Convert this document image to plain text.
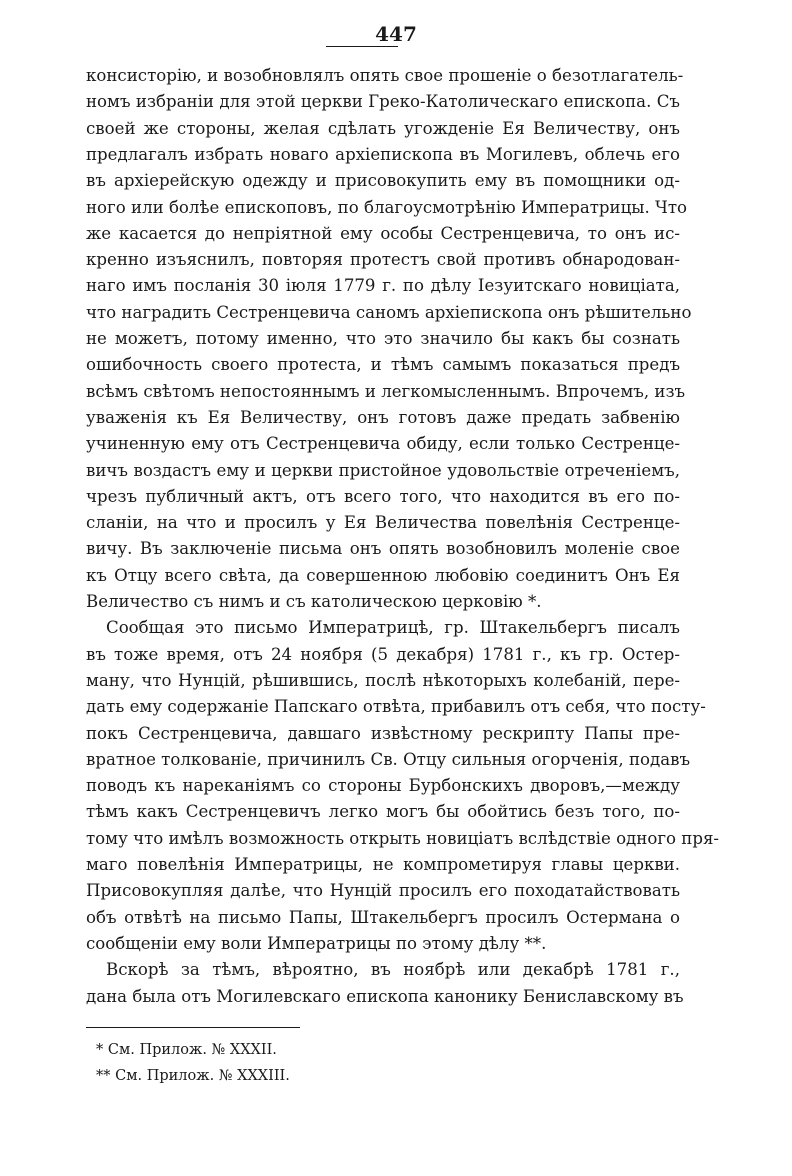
447
консисторію, и возобновлялъ опять свое прошеніе о безотлагатель-
номъ избраніи для этой церкви Греко-Католическаго епископа. Съ
своей же стороны, желая сдѣлать угожденіе Ея Величеству, онъ
предлагалъ избрать новаго архіепископа въ Могилевъ, облечь его
въ архіерейскую одежду и присовокупить ему въ помощники од-
ного или болѣе епископовъ, по благоусмотрѣнію Императрицы. Что
же касается до непріятной ему особы Сестренцевича, то онъ ис-
кренно изъяснилъ, повторяя протестъ свой противъ обнародован-
наго имъ посланія 30 іюля 1779 г. по дѣлу Іезуитскаго новиціата,
что наградить Сестренцевича саномъ архіепископа онъ рѣшительно
не можетъ, потому именно, что это значило бы какъ бы сознать
ошибочность своего протеста, и тѣмъ самымъ показаться предъ
всѣмъ свѣтомъ непостояннымъ и легкомысленнымъ. Впрочемъ, изъ
уваженія къ Ея Величеству, онъ готовъ даже предать забвенію
учиненную ему отъ Сестренцевича обиду, если только Сестренце-
вичъ воздастъ ему и церкви пристойное удовольствіе отреченіемъ,
чрезъ публичный актъ, отъ всего того, что находится въ его по-
сланіи, на что и просилъ у Ея Величества повелѣнія Сестренце-
вичу. Въ заключеніе письма онъ опять возобновилъ моленіе свое
къ Отцу всего свѣта, да совершенною любовію соединитъ Онъ Ея
Величество съ нимъ и съ католическою церковію *.
Сообщая это письмо Императрицѣ, гр. Штакельбергъ писалъ
въ тоже время, отъ 24 ноября (5 декабря) 1781 г., къ гр. Остер-
ману, что Нунцій, рѣшившись, послѣ нѣкоторыхъ колебаній, пере-
дать ему содержаніе Папскаго отвѣта, прибавилъ отъ себя, что посту-
покъ Сестренцевича, давшаго извѣстному рескрипту Папы пре-
вратное толкованіе, причинилъ Св. Отцу сильныя огорченія, подавъ
поводъ къ нареканіямъ со стороны Бурбонскихъ дворовъ,—между
тѣмъ какъ Сестренцевичъ легко могъ бы обойтись безъ того, по-
тому что имѣлъ возможность открыть новиціатъ вслѣдствіе одного пря-
маго повелѣнія Императрицы, не компрометируя главы церкви.
Присовокупляя далѣе, что Нунцій просилъ его походатайствовать
объ отвѣтѣ на письмо Папы, Штакельбергъ просилъ Остермана о
сообщеніи ему воли Императрицы по этому дѣлу **.
Вскорѣ за тѣмъ, вѣроятно, въ ноябрѣ или декабрѣ 1781 г.,
дана была отъ Могилевскаго епископа канонику Бениславскому въ
* См. Прилож. № XXXII.
** См. Прилож. № XXXIII.
